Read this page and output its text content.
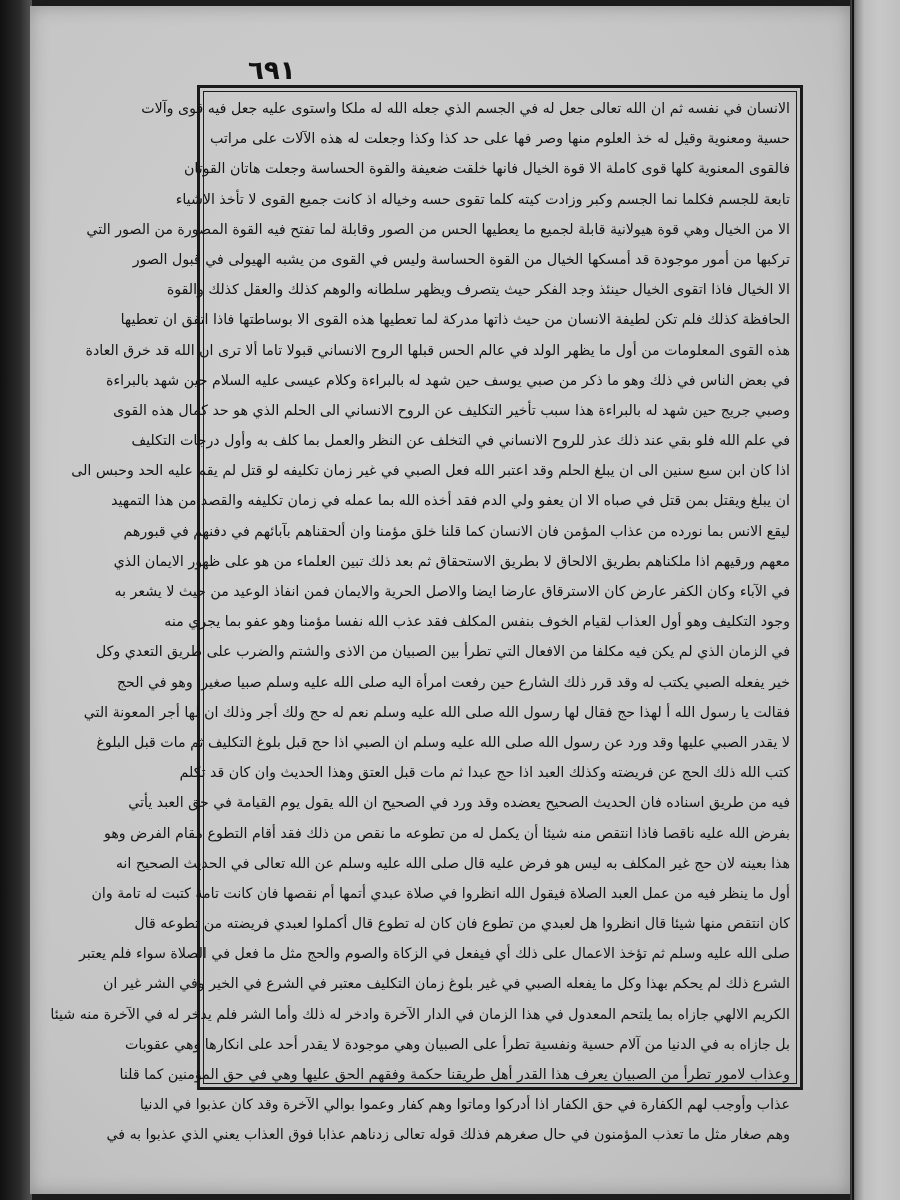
٦٩١
الانسان في نفسه ثم ان الله تعالى جعل له في الجسم الذي جعله الله له ملكا واستوى عليه جعل فيه قوى وآلات
حسية ومعنوية وقيل له خذ العلوم منها وصر فها على حد كذا وكذا وجعلت له هذه الآلات على مراتب
فالقوى المعنوية كلها قوى كاملة الا قوة الخيال فانها خلقت ضعيفة والقوة الحساسة وجعلت هاتان القوتان
تابعة للجسم فكلما نما الجسم وكبر وزادت كيته كلما تقوى حسه وخياله اذ كانت جميع القوى لا تأخذ الاشياء
الا من الخيال وهي قوة هيولانية قابلة لجميع ما يعطيها الحس من الصور وقابلة لما تفتح فيه القوة المصورة من الصور التي
تركبها من أمور موجودة قد أمسكها الخيال من القوة الحساسة وليس في القوى من يشبه الهيولى في قبول الصور
الا الخيال فاذا اتقوى الخيال حينئذ وجد الفكر حيث يتصرف ويظهر سلطانه والوهم كذلك والعقل كذلك والقوة
الحافظة كذلك فلم تكن لطيفة الانسان من حيث ذاتها مدركة لما تعطيها هذه القوى الا بوساطتها فاذا اتفق ان تعطيها
هذه القوى المعلومات من أول ما يظهر الولد في عالم الحس قبلها الروح الانساني قبولا تاما ألا ترى ان الله قد خرق العادة
في بعض الناس في ذلك وهو ما ذكر من صبي يوسف حين شهد له بالبراءة وكلام عيسى عليه السلام حين شهد بالبراءة
وصبي جريج حين شهد له بالبراءة هذا سبب تأخير التكليف عن الروح الانساني الى الحلم الذي هو حد كمال هذه القوى
في علم الله فلو بقي عند ذلك عذر للروح الانساني في التخلف عن النظر والعمل بما كلف به وأول درجات التكليف
اذا كان ابن سبع سنين الى ان يبلغ الحلم وقد اعتبر الله فعل الصبي في غير زمان تكليفه لو قتل لم يقم عليه الحد وحبس الى
ان يبلغ ويقتل بمن قتل في صباه الا ان يعفو ولي الدم فقد أخذه الله بما عمله في زمان تكليفه والقصد من هذا التمهيد
ليقع الانس بما نورده من عذاب المؤمن فان الانسان كما قلنا خلق مؤمنا وان ألحقناهم بآبائهم في دفنهم في قبورهم
معهم ورقيهم اذا ملكناهم بطريق الالحاق لا بطريق الاستحقاق ثم بعد ذلك تبين العلماء من هو على ظهور الايمان الذي
في الآباء وكان الكفر عارض كان الاسترقاق عارضا ايضا والاصل الحرية والايمان فمن انفاذ الوعيد من حيث لا يشعر به
وجود التكليف وهو أول العذاب لقيام الخوف بنفس المكلف فقد عذب الله نفسا مؤمنا وهو عفو بما يجري منه
في الزمان الذي لم يكن فيه مكلفا من الافعال التي تطرأ بين الصبيان من الاذى والشتم والضرب على طريق التعدي وكل
خير يفعله الصبي يكتب له وقد قرر ذلك الشارع حين رفعت امرأة اليه صلى الله عليه وسلم صبيا صغيرا وهو في الحج
فقالت يا رسول الله أ لهذا حج فقال لها رسول الله صلى الله عليه وسلم نعم له حج ولك أجر وذلك ان لها أجر المعونة التي
لا يقدر الصبي عليها وقد ورد عن رسول الله صلى الله عليه وسلم ان الصبي اذا حج قبل بلوغ التكليف ثم مات قبل البلوغ
كتب الله ذلك الحج عن فريضته وكذلك العبد اذا حج عبدا ثم مات قبل العتق وهذا الحديث وان كان قد تكلم
فيه من طريق اسناده فان الحديث الصحيح يعضده وقد ورد في الصحيح ان الله يقول يوم القيامة في حق العبد يأتي
بفرض الله عليه ناقصا فاذا انتقص منه شيئا أن يكمل له من تطوعه ما نقص من ذلك فقد أقام التطوع مقام الفرض وهو
هذا بعينه لان حج غير المكلف به ليس هو فرض عليه قال صلى الله عليه وسلم عن الله تعالى في الحديث الصحيح انه
أول ما ينظر فيه من عمل العبد الصلاة فيقول الله انظروا في صلاة عبدي أتمها أم نقصها فان كانت تامة كتبت له تامة وان
كان انتقص منها شيئا قال انظروا هل لعبدي من تطوع فان كان له تطوع قال أكملوا لعبدي فريضته من تطوعه قال
صلى الله عليه وسلم ثم تؤخذ الاعمال على ذلك أي فيفعل في الزكاة والصوم والحج مثل ما فعل في الصلاة سواء فلم يعتبر
الشرع ذلك لم يحكم بهذا وكل ما يفعله الصبي في غير بلوغ زمان التكليف معتبر في الشرع في الخير وفي الشر غير ان
الكريم الالهي جازاه بما يلتحم المعدول في هذا الزمان في الدار الآخرة وادخر له ذلك وأما الشر فلم يدخر له في الآخرة منه شيئا
بل جازاه به في الدنيا من آلام حسية ونفسية تطرأ على الصبيان وهي موجودة لا يقدر أحد على انكارها وهي عقوبات
وعذاب لامور تطرأ من الصبيان يعرف هذا القدر أهل طريقنا حكمة وفقهم الحق عليها وهي في حق المؤمنين كما قلنا
عذاب وأوجب لهم الكفارة في حق الكفار اذا أدركوا وماتوا وهم كفار وعموا بوالي الآخرة وقد كان عذبوا في الدنيا
وهم صغار مثل ما تعذب المؤمنون في حال صغرهم فذلك قوله تعالى زدناهم عذابا فوق العذاب يعني الذي عذبوا به في
